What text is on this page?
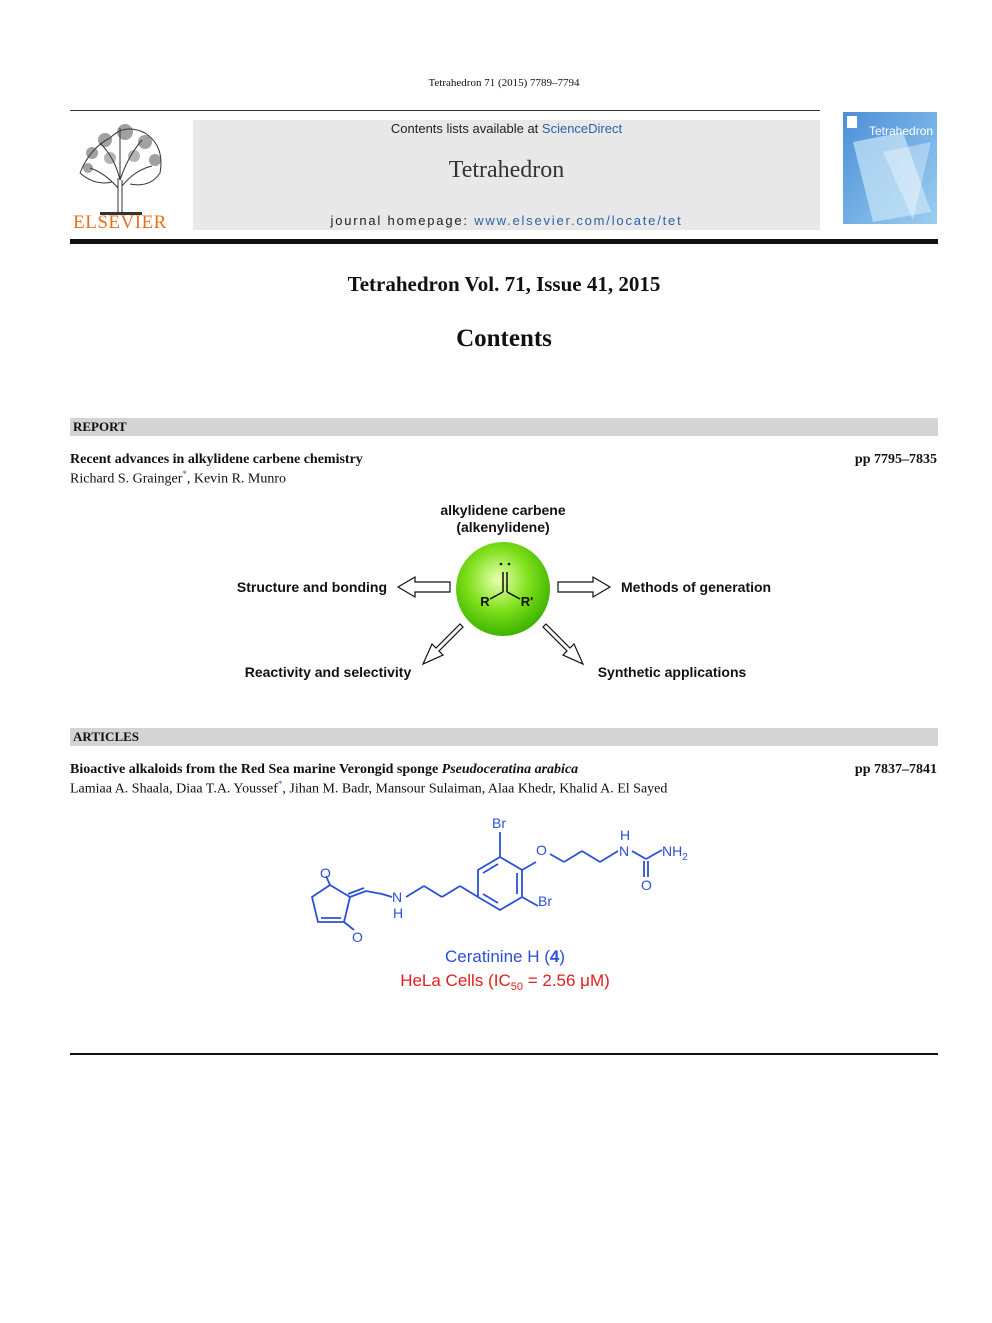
Tetrahedron 71 (2015) 7789–7794
ELSEVIER
Contents lists available at ScienceDirect
Tetrahedron
journal homepage: www.elsevier.com/locate/tet
Tetrahedron
Tetrahedron Vol. 71, Issue 41, 2015
Contents
REPORT
Recent advances in alkylidene carbene chemistry	pp 7795–7835
Richard S. Grainger*, Kevin R. Munro
alkylidene carbene
(alkenylidene)
R R'
Structure and bonding	Methods of generation
Reactivity and selectivity	Synthetic applications
ARTICLES
Bioactive alkaloids from the Red Sea marine Verongid sponge Pseudoceratina arabica	pp 7837–7841
Lamiaa A. Shaala, Diaa T.A. Youssef*, Jihan M. Badr, Mansour Sulaiman, Alaa Khedr, Khalid A. El Sayed
O
O
N
H
Br
Br
O
H
N $NH_2$
O
Ceratinine H (4)
HeLa Cells ($IC_{50} = 2.56$ μM)
